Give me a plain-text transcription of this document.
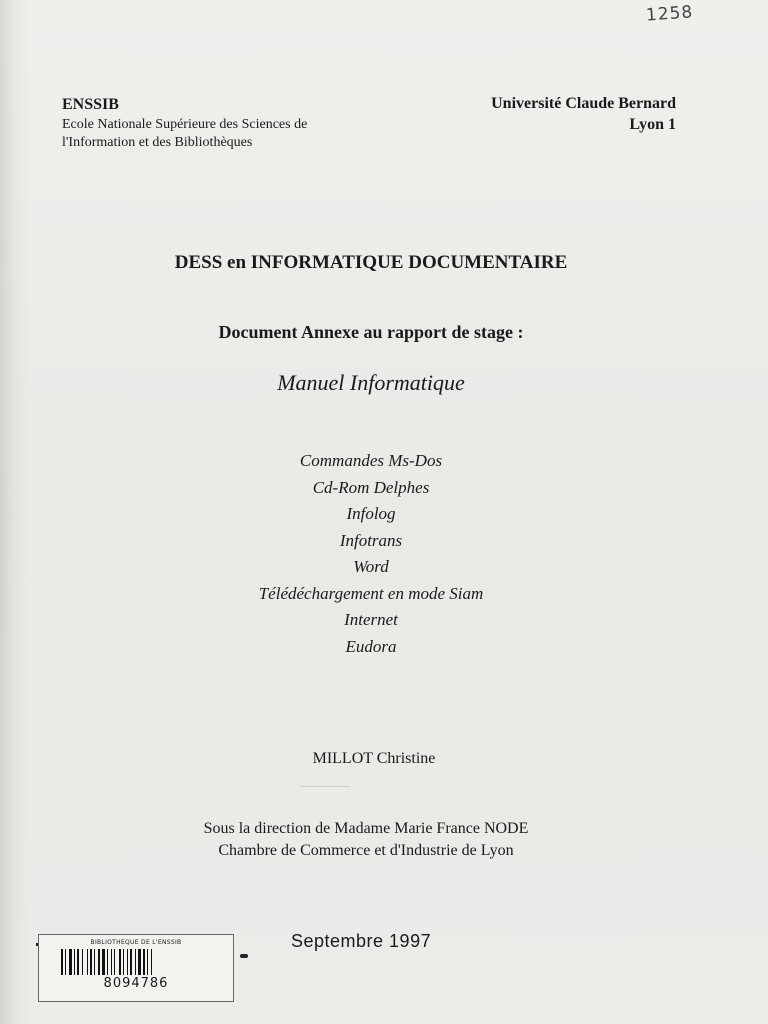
1258
ENSSIB
Ecole Nationale Supérieure des Sciences de
l'Information et des Bibliothèques
Université Claude Bernard
Lyon 1
DESS en INFORMATIQUE DOCUMENTAIRE
Document Annexe au rapport de stage :
Manuel Informatique
Commandes Ms-Dos
Cd-Rom Delphes
Infolog
Infotrans
Word
Télédéchargement en mode Siam
Internet
Eudora
MILLOT Christine
Sous la direction de Madame Marie France NODE
Chambre de Commerce et d'Industrie de Lyon
Septembre 1997
BIBLIOTHEQUE DE L'ENSSIB
8094786
